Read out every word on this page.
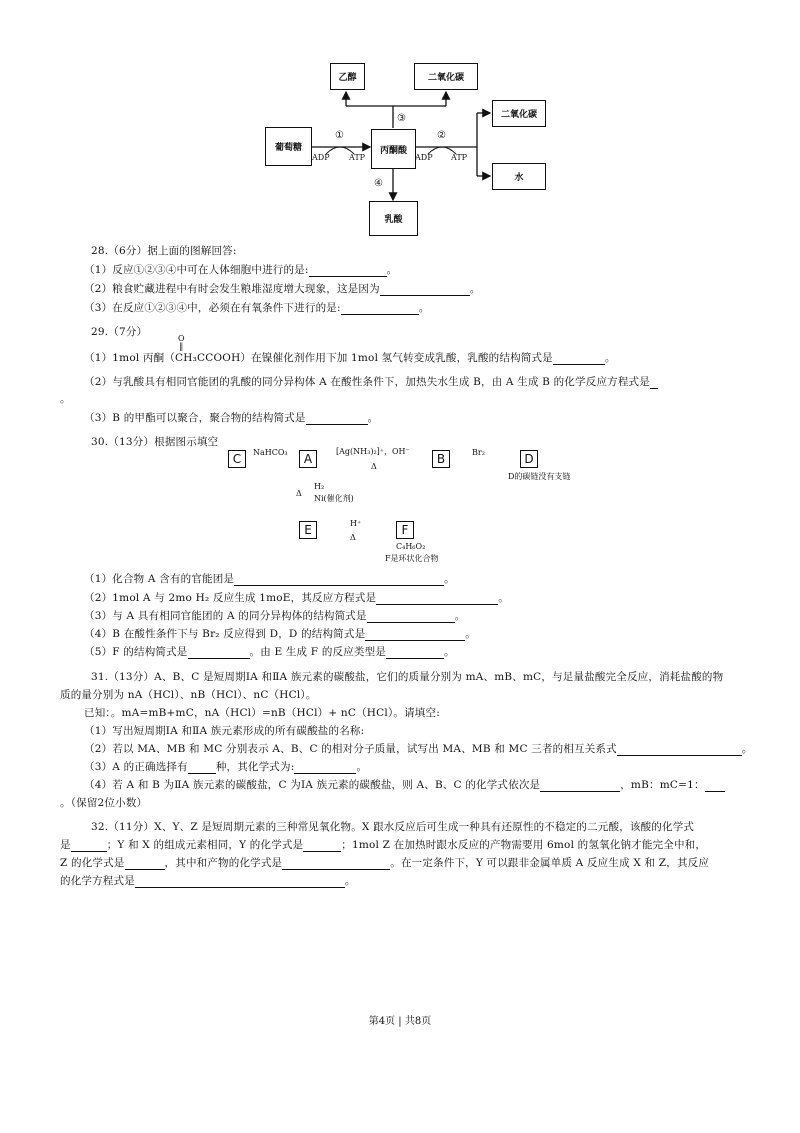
乙醇	二氧化碳
葡萄糖	丙酮酸
二氧化碳
水
乳酸
①	②
③
④
ADP ATP	ADP ATP
28.（6分）据上面的图解回答:
（1）反应①②③④中可在人体细胞中进行的是:	。
（2）粮食贮藏进程中有时会发生粮堆湿度增大现象，这是因为	。
（3）在反应①②③④中，必须在有氧条件下进行的是:	。
29.（7分）
O
‖
（1）1mol 丙酮（CH₃CCOOH）在镍催化剂作用下加 1mol 氢气转变成乳酸，乳酸的结构简式是	。
（2）与乳酸具有相同官能团的乳酸的同分异构体 A 在酸性条件下，加热失水生成 B，由 A 生成 B 的化学反应方程式是
。
（3）B 的甲酯可以聚合，聚合物的结构简式是	。
30.（13分）根据图示填空
C	A	B	D
E	F
NaHCO₃	[Ag(NH₃)₂]⁺，OH⁻
Δ
Br₂
D的碳链没有支链
H₂
Δ
Ni(催化剂)
H⁺
Δ
C₄H₆O₂
F是环状化合物
（1）化合物 A 含有的官能团是	。
（2）1mol A 与 2mo H₂ 反应生成 1moE，其反应方程式是	。
（3）与 A 具有相同官能团的 A 的同分异构体的结构简式是	。
（4）B 在酸性条件下与 Br₂ 反应得到 D，D 的结构简式是	。
（5）F 的结构简式是	。由 E 生成 F 的反应类型是	。
31.（13分）A、B、C 是短周期ⅠA 和ⅡA 族元素的碳酸盐，它们的质量分别为 mA、mB、mC，与足量盐酸完全反应，消耗盐酸的物
质的量分别为 nA（HCl）、nB（HCl）、nC（HCl）。
已知：。mA=mB+mC，nA（HCl）=nB（HCl）+ nC（HCl）。请填空:
（1）写出短周期ⅠA 和ⅡA 族元素形成的所有碳酸盐的名称:
（2）若以 MA、MB 和 MC 分别表示 A、B、C 的相对分子质量，试写出 MA、MB 和 MC 三者的相互关系式	。
（3）A 的正确选择有	种，其化学式为:	。
（4）若 A 和 B 为ⅡA 族元素的碳酸盐，C 为ⅠA 族元素的碳酸盐，则 A、B、C 的化学式依次是	，mB：mC=1：
。（保留2位小数）
32.（11分）X、Y、Z 是短周期元素的三种常见氧化物。X 跟水反应后可生成一种具有还原性的不稳定的二元酸，该酸的化学式
是	；Y 和 X 的组成元素相同，Y 的化学式是	；1mol Z 在加热时跟水反应的产物需要用 6mol 的氢氧化钠才能完全中和，
Z 的化学式是	，其中和产物的化学式是	。在一定条件下，Y 可以跟非金属单质 A 反应生成 X 和 Z，其反应
的化学方程式是	。
第4页 | 共8页
